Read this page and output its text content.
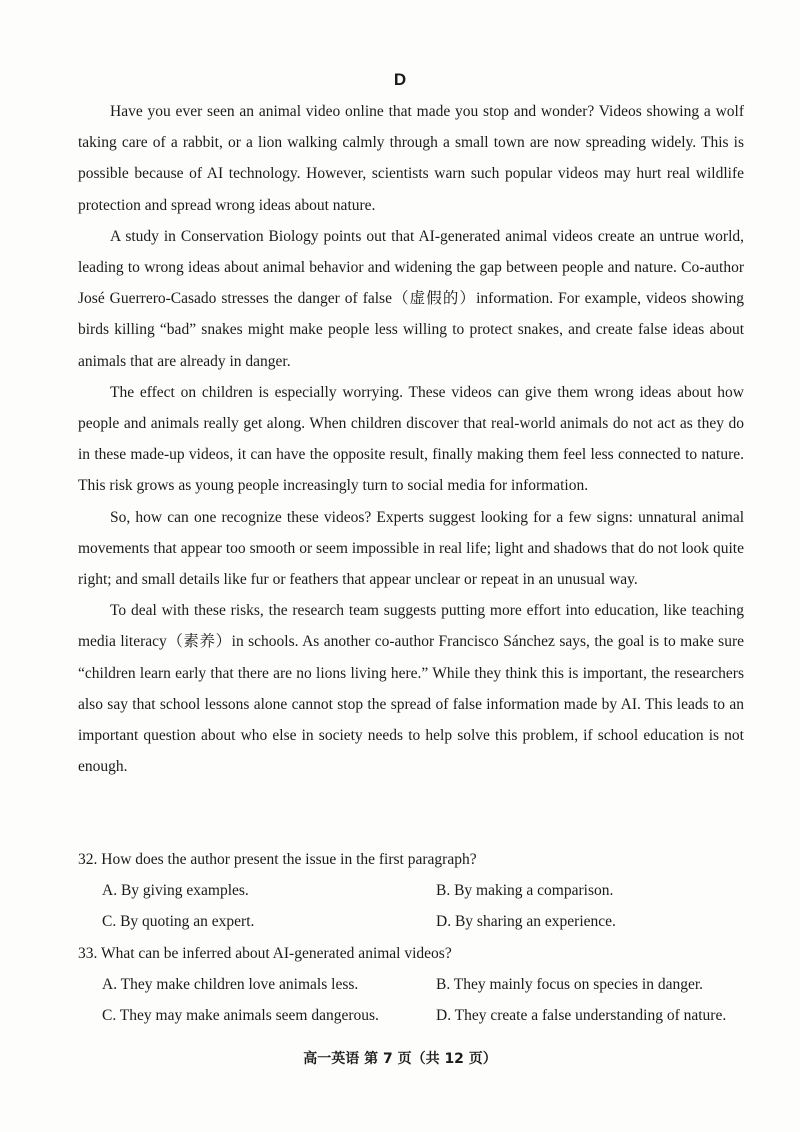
D

Have you ever seen an animal video online that made you stop and wonder? Videos showing a wolf taking care of a rabbit, or a lion walking calmly through a small town are now spreading widely. This is possible because of AI technology. However, scientists warn such popular videos may hurt real wildlife protection and spread wrong ideas about nature.

A study in Conservation Biology points out that AI-generated animal videos create an untrue world, leading to wrong ideas about animal behavior and widening the gap between people and nature. Co-author José Guerrero-Casado stresses the danger of false（虚假的）information. For example, videos showing birds killing “bad” snakes might make people less willing to protect snakes, and create false ideas about animals that are already in danger.

The effect on children is especially worrying. These videos can give them wrong ideas about how people and animals really get along. When children discover that real-world animals do not act as they do in these made-up videos, it can have the opposite result, finally making them feel less connected to nature. This risk grows as young people increasingly turn to social media for information.

So, how can one recognize these videos? Experts suggest looking for a few signs: unnatural animal movements that appear too smooth or seem impossible in real life; light and shadows that do not look quite right; and small details like fur or feathers that appear unclear or repeat in an unusual way.

To deal with these risks, the research team suggests putting more effort into education, like teaching media literacy（素养）in schools. As another co-author Francisco Sánchez says, the goal is to make sure “children learn early that there are no lions living here.” While they think this is important, the researchers also say that school lessons alone cannot stop the spread of false information made by AI. This leads to an important question about who else in society needs to help solve this problem, if school education is not enough.

32. How does the author present the issue in the first paragraph?

A. By giving examples.	B. By making a comparison.
C. By quoting an expert.	D. By sharing an experience.

33. What can be inferred about AI-generated animal videos?

A. They make children love animals less.	B. They mainly focus on species in danger.
C. They may make animals seem dangerous.	D. They create a false understanding of nature.
高一英语 第 7 页（共 12 页）
